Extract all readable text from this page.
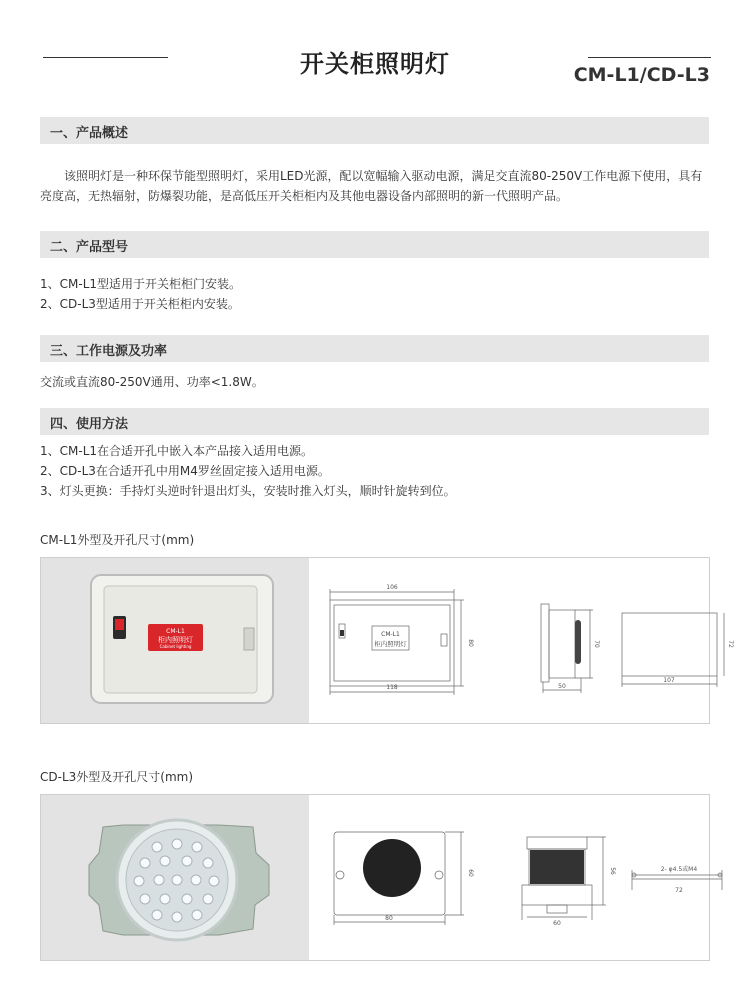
开关柜照明灯	CM-L1/CD-L3
一、产品概述

该照明灯是一种环保节能型照明灯，采用LED光源，配以宽幅输入驱动电源，满足交直流80-250V工作电源下使用，具有亮度高，无热辐射，防爆裂功能，是高低压开关柜柜内及其他电器设备内部照明的新一代照明产品。

二、产品型号
1、CM-L1型适用于开关柜柜门安装。
2、CD-L3型适用于开关柜柜内安装。
三、工作电源及功率
交流或直流80-250V通用、功率<1.8W。
四、使用方法
1、CM-L1在合适开孔中嵌入本产品接入适用电源。
2、CD-L3在合适开孔中用M4罗丝固定接入适用电源。
3、灯头更换：手持灯头逆时针退出灯头，安装时推入灯头，顺时针旋转到位。
CM-L1外型及开孔尺寸(mm)
CM-L1
柜内照明灯
Cabinet lighting
CM-L1
柜内照明灯
106
118
80	70
50
107
72
CD-L3外型及开孔尺寸(mm)
80
60
60
56	2- φ4.5或M4
72
